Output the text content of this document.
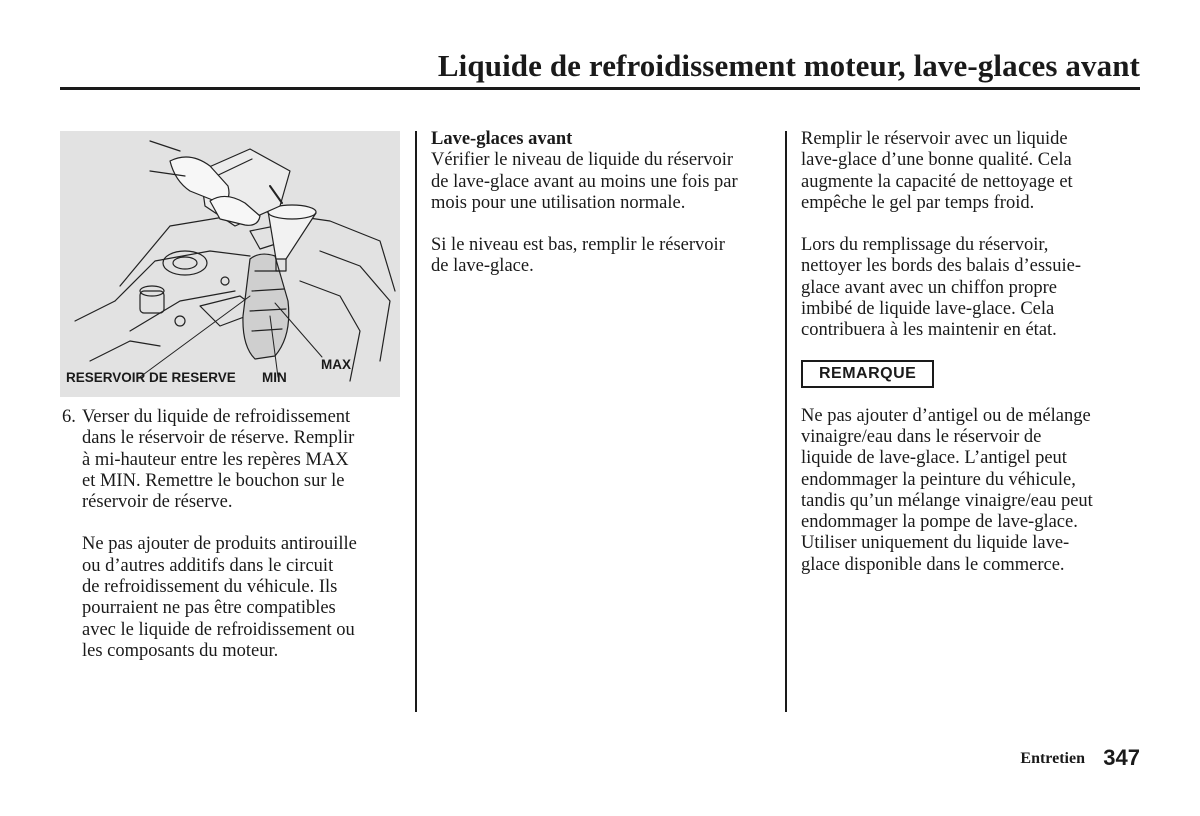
Liquide de refroidissement moteur, lave-glaces avant
RESERVOIR DE RESERVE MIN
MAX
6. Verser du liquide de refroidissement

dans le réservoir de réserve. Remplir

à mi-hauteur entre les repères MAX

et MIN. Remettre le bouchon sur le

réservoir de réserve.

Ne pas ajouter de produits antirouille

ou d’autres additifs dans le circuit

de refroidissement du véhicule. Ils

pourraient ne pas être compatibles

avec le liquide de refroidissement ou

les composants du moteur.

Lave-glaces avant

Vérifier le niveau de liquide du réservoir

de lave-glace avant au moins une fois par

mois pour une utilisation normale.

Si le niveau est bas, remplir le réservoir

de lave-glace.

Remplir le réservoir avec un liquide

lave-glace d’une bonne qualité. Cela

augmente la capacité de nettoyage et

empêche le gel par temps froid.

Lors du remplissage du réservoir,

nettoyer les bords des balais d’essuie-

glace avant avec un chiffon propre

imbibé de liquide lave-glace. Cela

contribuera à les maintenir en état.

REMARQUE

Ne pas ajouter d’antigel ou de mélange

vinaigre/eau dans le réservoir de

liquide de lave-glace. L’antigel peut

endommager la peinture du véhicule,

tandis qu’un mélange vinaigre/eau peut

endommager la pompe de lave-glace.

Utiliser uniquement du liquide lave-

glace disponible dans le commerce.

Entretien 347
